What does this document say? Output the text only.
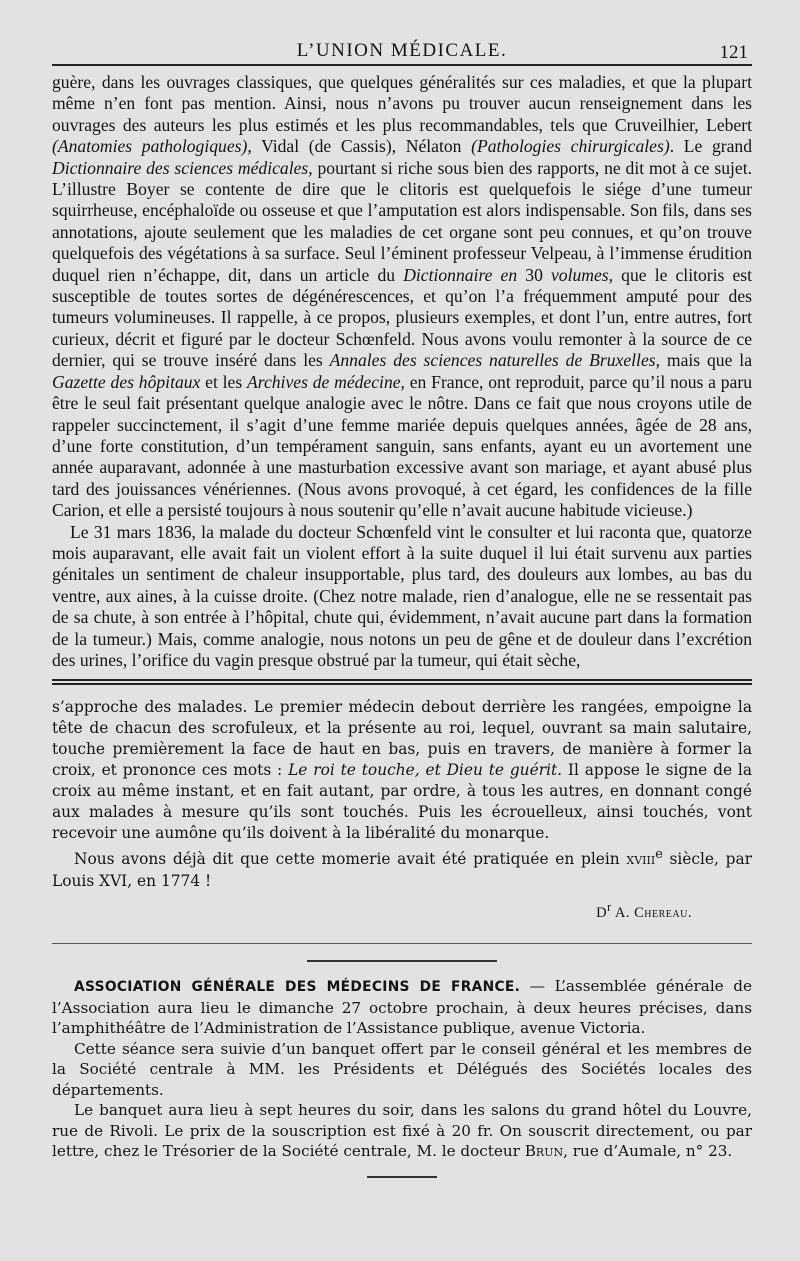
L’UNION MÉDICALE.	121

guère, dans les ouvrages classiques, que quelques généralités sur ces maladies, et que la plupart même n’en font pas mention. Ainsi, nous n’avons pu trouver aucun renseignement dans les ouvrages des auteurs les plus estimés et les plus recommandables, tels que Cruveilhier, Lebert (Anatomies pathologiques), Vidal (de Cassis), Nélaton (Pathologies chirurgicales). Le grand Dictionnaire des sciences médicales, pourtant si riche sous bien des rapports, ne dit mot à ce sujet. L’illustre Boyer se contente de dire que le clitoris est quelquefois le siége d’une tumeur squirrheuse, encéphaloïde ou osseuse et que l’amputation est alors indispensable. Son fils, dans ses annotations, ajoute seulement que les maladies de cet organe sont peu connues, et qu’on trouve quelquefois des végétations à sa surface. Seul l’éminent professeur Velpeau, à l’immense érudition duquel rien n’échappe, dit, dans un article du Dictionnaire en 30 volumes, que le clitoris est susceptible de toutes sortes de dégénérescences, et qu’on l’a fréquemment amputé pour des tumeurs volumineuses. Il rappelle, à ce propos, plusieurs exemples, et dont l’un, entre autres, fort curieux, décrit et figuré par le docteur Schœnfeld. Nous avons voulu remonter à la source de ce dernier, qui se trouve inséré dans les Annales des sciences naturelles de Bruxelles, mais que la Gazette des hôpitaux et les Archives de médecine, en France, ont reproduit, parce qu’il nous a paru être le seul fait présentant quelque analogie avec le nôtre. Dans ce fait que nous croyons utile de rappeler succinctement, il s’agit d’une femme mariée depuis quelques années, âgée de 28 ans, d’une forte constitution, d’un tempérament sanguin, sans enfants, ayant eu un avortement une année auparavant, adonnée à une masturbation excessive avant son mariage, et ayant abusé plus tard des jouissances vénériennes. (Nous avons provoqué, à cet égard, les confidences de la fille Carion, et elle a persisté toujours à nous soutenir qu’elle n’avait aucune habitude vicieuse.)

Le 31 mars 1836, la malade du docteur Schœnfeld vint le consulter et lui raconta que, quatorze mois auparavant, elle avait fait un violent effort à la suite duquel il lui était survenu aux parties génitales un sentiment de chaleur insupportable, plus tard, des douleurs aux lombes, au bas du ventre, aux aines, à la cuisse droite. (Chez notre malade, rien d’analogue, elle ne se ressentait pas de sa chute, à son entrée à l’hôpital, chute qui, évidemment, n’avait aucune part dans la formation de la tumeur.) Mais, comme analogie, nous notons un peu de gêne et de douleur dans l’excrétion des urines, l’orifice du vagin presque obstrué par la tumeur, qui était sèche,

s’approche des malades. Le premier médecin debout derrière les rangées, empoigne la tête de chacun des scrofuleux, et la présente au roi, lequel, ouvrant sa main salutaire, touche premièrement la face de haut en bas, puis en travers, de manière à former la croix, et prononce ces mots : Le roi te touche, et Dieu te guérit. Il appose le signe de la croix au même instant, et en fait autant, par ordre, à tous les autres, en donnant congé aux malades à mesure qu’ils sont touchés. Puis les écrouelleux, ainsi touchés, vont recevoir une aumône qu’ils doivent à la libéralité du monarque.

Nous avons déjà dit que cette momerie avait été pratiquée en plein xviii$^e$ siècle, par Louis XVI, en 1774 !

$D^r$ A. Chereau.

ASSOCIATION GÉNÉRALE DES MÉDECINS DE FRANCE. — L’assemblée générale de l’Association aura lieu le dimanche 27 octobre prochain, à deux heures précises, dans l’amphithéâtre de l’Administration de l’Assistance publique, avenue Victoria.

Cette séance sera suivie d’un banquet offert par le conseil général et les membres de la Société centrale à MM. les Présidents et Délégués des Sociétés locales des départements.

Le banquet aura lieu à sept heures du soir, dans les salons du grand hôtel du Louvre, rue de Rivoli. Le prix de la souscription est fixé à 20 fr. On souscrit directement, ou par lettre, chez le Trésorier de la Société centrale, M. le docteur Brun, rue d’Aumale, n° 23.
